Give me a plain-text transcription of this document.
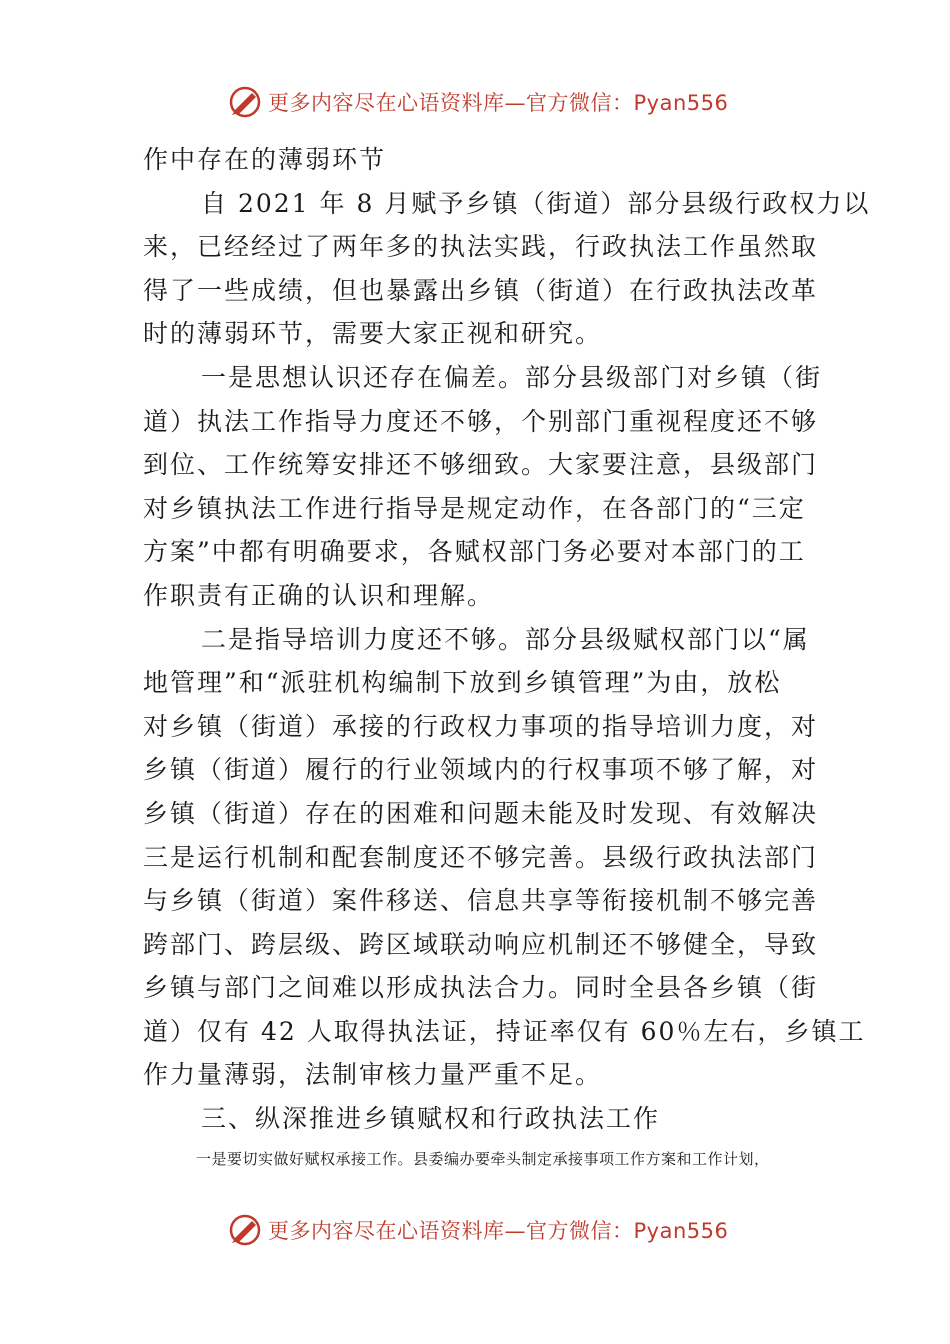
更多内容尽在心语资料库—官方微信：Pyan556
作中存在的薄弱环节
自 2021 年 8 月赋予乡镇（街道）部分县级行政权力以
来，已经经过了两年多的执法实践，行政执法工作虽然取
得了一些成绩，但也暴露出乡镇（街道）在行政执法改革
时的薄弱环节，需要大家正视和研究。
一是思想认识还存在偏差。部分县级部门对乡镇（街
道）执法工作指导力度还不够，个别部门重视程度还不够
到位、工作统筹安排还不够细致。大家要注意，县级部门
对乡镇执法工作进行指导是规定动作，在各部门的“三定
方案”中都有明确要求，各赋权部门务必要对本部门的工
作职责有正确的认识和理解。
二是指导培训力度还不够。部分县级赋权部门以“属
地管理”和“派驻机构编制下放到乡镇管理”为由，放松
对乡镇（街道）承接的行政权力事项的指导培训力度，对
乡镇（街道）履行的行业领域内的行权事项不够了解，对
乡镇（街道）存在的困难和问题未能及时发现、有效解决
三是运行机制和配套制度还不够完善。县级行政执法部门
与乡镇（街道）案件移送、信息共享等衔接机制不够完善
跨部门、跨层级、跨区域联动响应机制还不够健全，导致
乡镇与部门之间难以形成执法合力。同时全县各乡镇（街
道）仅有 42 人取得执法证，持证率仅有 60％左右，乡镇工
作力量薄弱，法制审核力量严重不足。
三、纵深推进乡镇赋权和行政执法工作
一是要切实做好赋权承接工作。县委编办要牵头制定承接事项工作方案和工作计划，
更多内容尽在心语资料库—官方微信：Pyan556
